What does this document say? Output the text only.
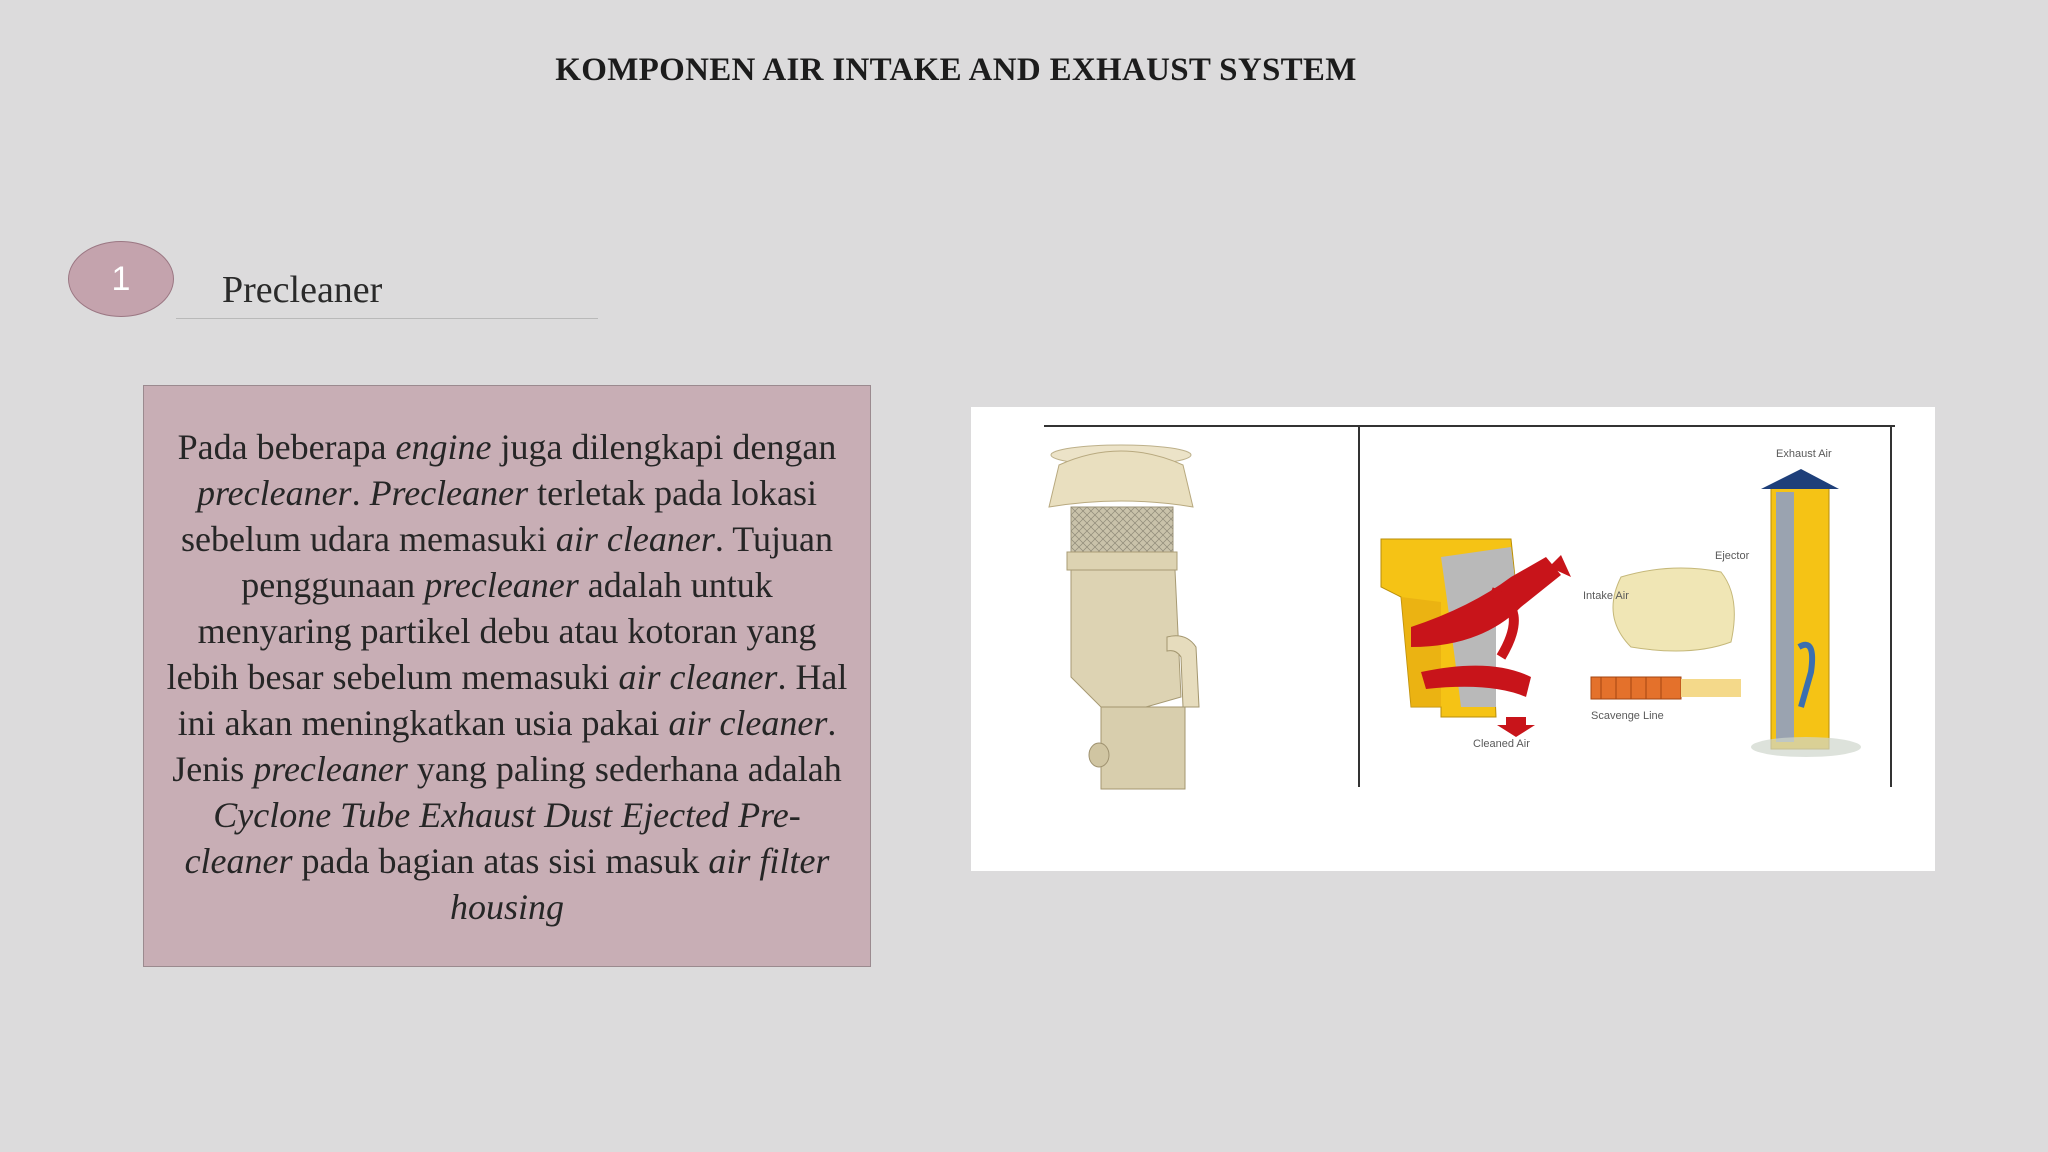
KOMPONEN AIR INTAKE AND EXHAUST SYSTEM
1	Precleaner

Pada beberapa engine juga dilengkapi dengan precleaner. Precleaner terletak pada lokasi sebelum udara memasuki air cleaner. Tujuan penggunaan precleaner adalah untuk menyaring partikel debu atau kotoran yang lebih besar sebelum memasuki air cleaner. Hal ini akan meningkatkan usia pakai air cleaner. Jenis precleaner yang paling sederhana adalah Cyclone Tube Exhaust Dust Ejected Pre- cleaner pada bagian atas sisi masuk air filter housing

Exhaust Air
Intake Air
Ejector
Scavenge Line
Cleaned Air
